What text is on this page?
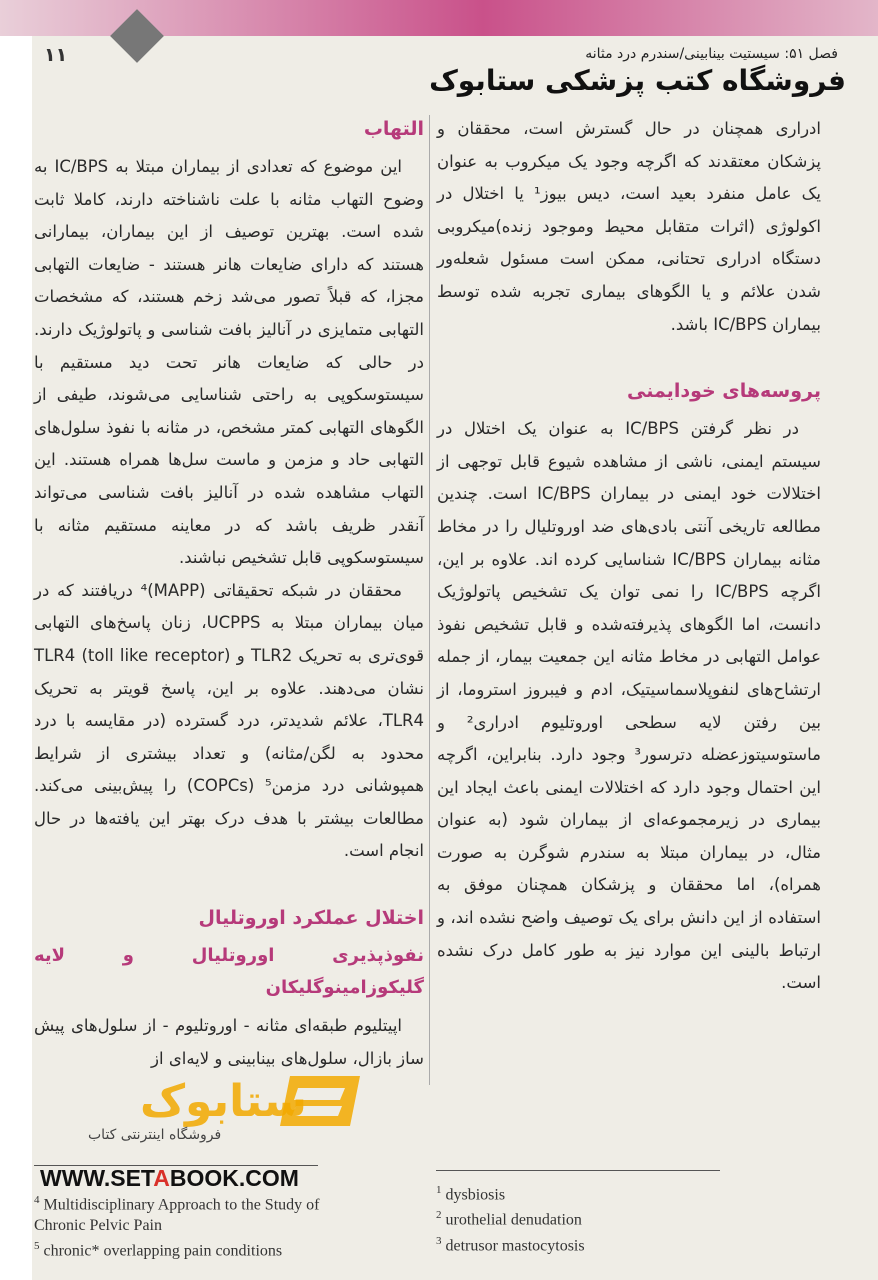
۱۱	فصل ۵۱: سیستیت بینابینی/سندرم درد مثانه
فروشگاه کتب پزشکی ستابوک

ادراری همچنان در حال گسترش است، محققان و پزشکان معتقدند که اگرچه وجود یک میکروب به عنوان یک عامل منفرد بعید است، دیس بیوز¹ یا اختلال در اکولوژی (اثرات متقابل محیط وموجود زنده)میکروبی دستگاه ادراری تحتانی، ممکن است مسئول شعله‌ور شدن علائم و یا الگوهای بیماری تجربه شده توسط بیماران IC/BPS باشد.

پروسه‌های خودایمنی

در نظر گرفتن IC/BPS به عنوان یک اختلال در سیستم ایمنی، ناشی از مشاهده شیوع قابل توجهی از اختلالات خود ایمنی در بیماران IC/BPS است. چندین مطالعه تاریخی آنتی بادی‌های ضد اوروتلیال را در مخاط مثانه بیماران IC/BPS شناسایی کرده اند. علاوه بر این، اگرچه IC/BPS را نمی توان یک تشخیص پاتولوژیک دانست، اما الگوهای پذیرفته‌شده و قابل تشخیص نفوذ عوامل التهابی در مخاط مثانه این جمعیت بیمار، از جمله ارتشاح‌های لنفوپلاسماسیتیک، ادم و فیبروز استروما، از بین رفتن لایه سطحی اوروتلیوم ادراری² و ماستوسیتوزعضله دترسور³ وجود دارد. بنابراین، اگرچه این احتمال وجود دارد که اختلالات ایمنی باعث ایجاد این بیماری در زیرمجموعه‌ای از بیماران شود (به عنوان مثال، در بیماران مبتلا به سندرم شوگرن به صورت همراه)، اما محققان و پزشکان همچنان موفق به استفاده از این دانش برای یک توصیف واضح نشده اند، و ارتباط بالینی این موارد نیز به طور کامل درک نشده است.

التهاب

این موضوع که تعدادی از بیماران مبتلا به IC/BPS به وضوح التهاب مثانه با علت ناشناخته دارند، کاملا ثابت شده است. بهترین توصیف از این بیماران، بیمارانی هستند که دارای ضایعات هانر هستند - ضایعات التهابی مجزا، که قبلاً تصور می‌شد زخم هستند، که مشخصات التهابی متمایزی در آنالیز بافت شناسی و پاتولوژیک دارند. در حالی که ضایعات هانر تحت دید مستقیم با سیستوسکوپی به راحتی شناسایی می‌شوند، طیفی از الگوهای التهابی کمتر مشخص، در مثانه با نفوذ سلول‌های التهابی حاد و مزمن و ماست سل‌ها همراه هستند. این التهاب مشاهده شده در آنالیز بافت شناسی می‌تواند آنقدر ظریف باشد که در معاینه مستقیم مثانه با سیستوسکوپی قابل تشخیص نباشند.

محققان در شبکه تحقیقاتی (MAPP)⁴ دریافتند که در میان بیماران مبتلا به UCPPS، زنان پاسخ‌های التهابی قوی‌تری به تحریک TLR2 و TLR4 (toll like receptor) نشان می‌دهند. علاوه بر این، پاسخ قویتر به تحریک TLR4، علائم شدیدتر، درد گسترده (در مقایسه با درد محدود به لگن/مثانه) و تعداد بیشتری از شرایط همپوشانی درد مزمن⁵ (COPCs) را پیش‌بینی می‌کند. مطالعات بیشتر با هدف درک بهتر این یافته‌ها در حال انجام است.

اختلال عملکرد اوروتلیال
نفوذپذیری اوروتلیال و لایه گلیکوزامینوگلیکان

اپیتلیوم طبقه‌ای مثانه - اوروتلیوم - از سلول‌های پیش ساز بازال، سلول‌های بینابینی و لایه‌ای از

$^1$ dysbiosis
$^2$ urothelial denudation
$^3$ detrusor mastocytosis
ستابوک
فروشگاه اینترنتی کتاب
$^4$ Multidisciplinary Approach to the Study of
Chronic Pelvic Pain
$^5$ chronic* overlapping pain conditions
WWW.SETABOOK.COM
